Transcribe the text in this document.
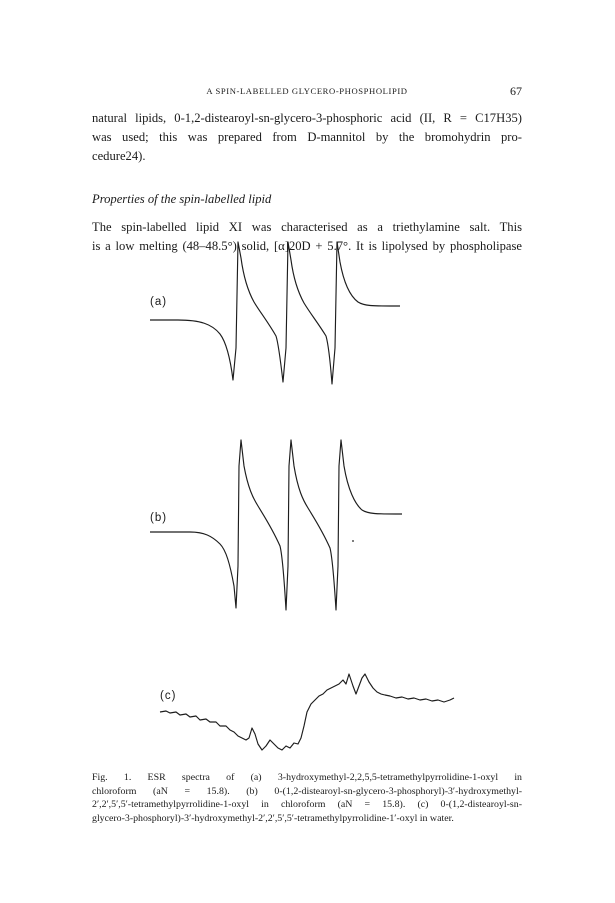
A SPIN-LABELLED GLYCERO-PHOSPHOLIPID	67

natural lipids, 0-1,2-distearoyl-sn-glycero-3-phosphoric acid (II, R = C17H35)
was used; this was prepared from D-mannitol by the bromohydrin pro-
cedure24).

Properties of the spin-labelled lipid

The spin-labelled lipid XI was characterised as a triethylamine salt. This
is a low melting (48–48.5°) solid, [α]20D + 5.7°. It is lipolysed by phospholipase

(a)
(b)
(c)

Fig. 1. ESR spectra of (a) 3-hydroxymethyl-2,2,5,5-tetramethylpyrrolidine-1-oxyl in
chloroform (aN = 15.8). (b) 0-(1,2-distearoyl-sn-glycero-3-phosphoryl)-3′-hydroxymethyl-
2′,2′,5′,5′-tetramethylpyrrolidine-1-oxyl in chloroform (aN = 15.8). (c) 0-(1,2-distearoyl-sn-
glycero-3-phosphoryl)-3′-hydroxymethyl-2′,2′,5′,5′-tetramethylpyrrolidine-1′-oxyl in water.
